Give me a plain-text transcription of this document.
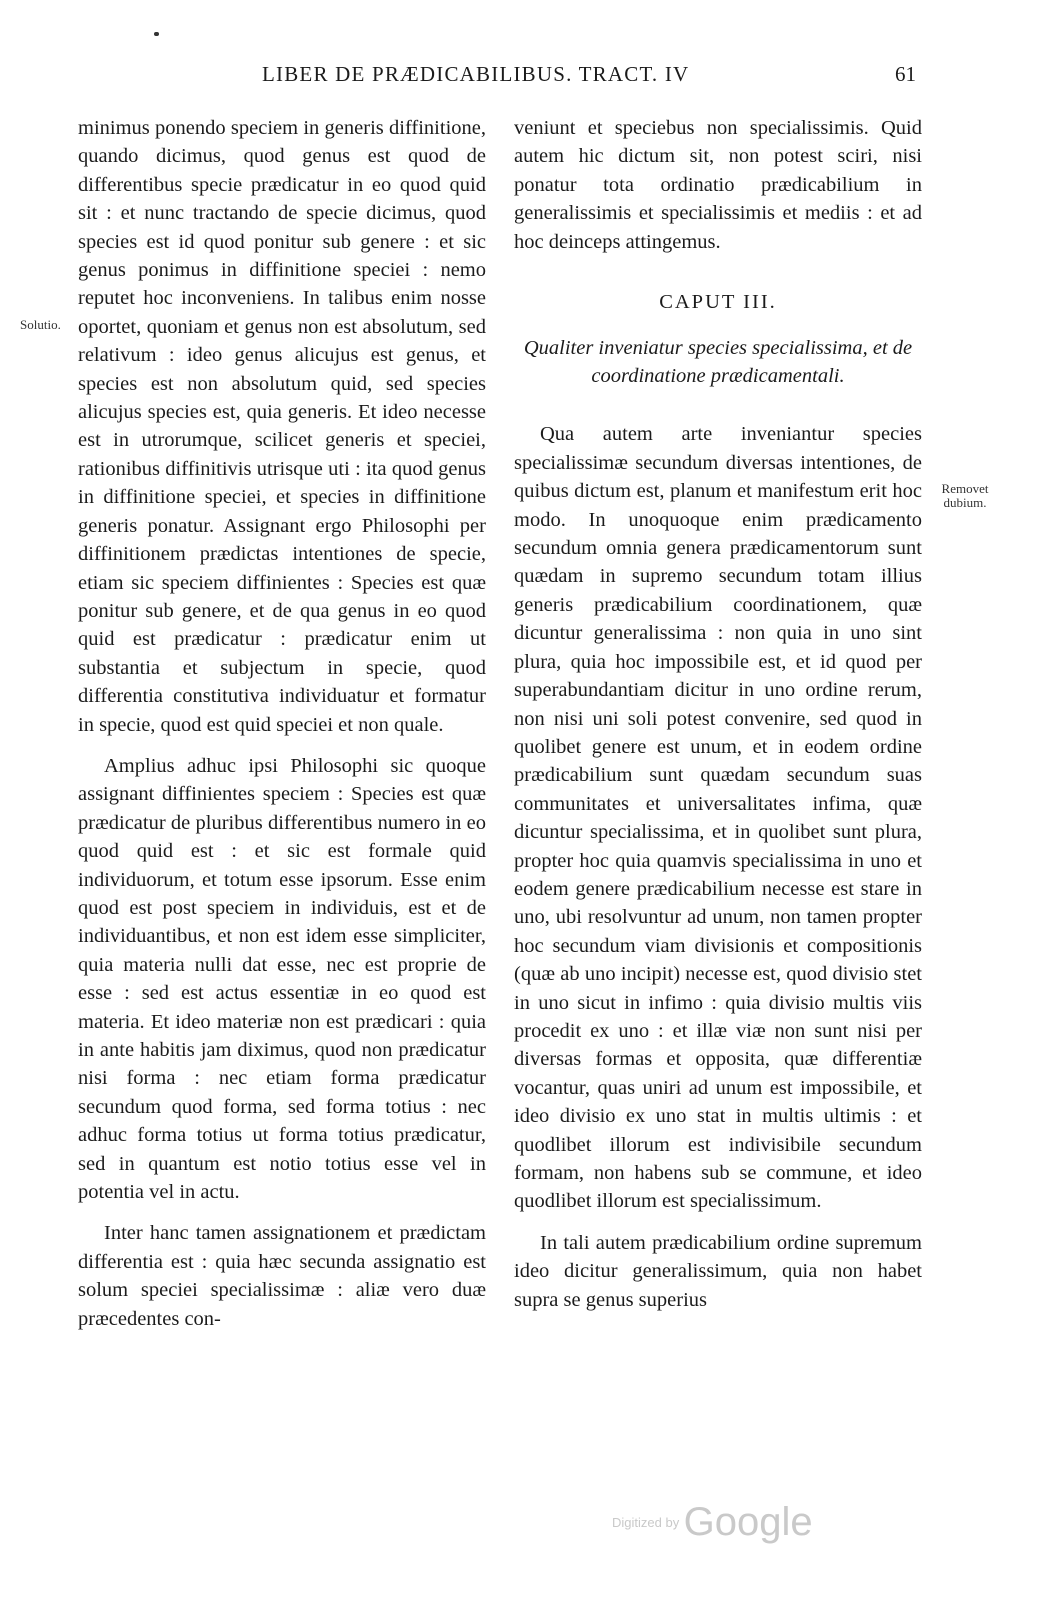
LIBER DE PRÆDICABILIBUS. TRACT. IV	61
Solutio.
Removet dubium.

minimus ponendo speciem in generis diffinitione, quando dicimus, quod genus est quod de differentibus specie prædicatur in eo quod quid sit : et nunc tractando de specie dicimus, quod species est id quod ponitur sub genere : et sic genus ponimus in diffinitione speciei : nemo reputet hoc inconveniens. In talibus enim nosse oportet, quoniam et genus non est absolutum, sed relativum : ideo genus alicujus est genus, et species est non absolutum quid, sed species alicujus species est, quia generis. Et ideo necesse est in utrorumque, scilicet generis et speciei, rationibus diffinitivis utrisque uti : ita quod genus in diffinitione speciei, et species in diffinitione generis ponatur. Assignant ergo Philosophi per diffinitionem prædictas intentiones de specie, etiam sic speciem diffinientes : Species est quæ ponitur sub genere, et de qua genus in eo quod quid est prædicatur : prædicatur enim ut substantia et subjectum in specie, quod differentia constitutiva individuatur et formatur in specie, quod est quid speciei et non quale.

Amplius adhuc ipsi Philosophi sic quoque assignant diffinientes speciem : Species est quæ prædicatur de pluribus differentibus numero in eo quod quid est : et sic est formale quid individuorum, et totum esse ipsorum. Esse enim quod est post speciem in individuis, est et de individuantibus, et non est idem esse simpliciter, quia materia nulli dat esse, nec est proprie de esse : sed est actus essentiæ in eo quod est materia. Et ideo materiæ non est prædicari : quia in ante habitis jam diximus, quod non prædicatur nisi forma : nec etiam forma prædicatur secundum quod forma, sed forma totius : nec adhuc forma totius ut forma totius prædicatur, sed in quantum est notio totius esse vel in potentia vel in actu.

Inter hanc tamen assignationem et prædictam differentia est : quia hæc secunda assignatio est solum speciei specialissimæ : aliæ vero duæ præcedentes con-

veniunt et speciebus non specialissimis. Quid autem hic dictum sit, non potest sciri, nisi ponatur tota ordinatio prædicabilium in generalissimis et specialissimis et mediis : et ad hoc deinceps attingemus.

CAPUT III.
Qualiter inveniatur species specialissima, et de coordinatione prædicamentali.

Qua autem arte inveniantur species specialissimæ secundum diversas intentiones, de quibus dictum est, planum et manifestum erit hoc modo. In unoquoque enim prædicamento secundum omnia genera prædicamentorum sunt quædam in supremo secundum totam illius generis prædicabilium coordinationem, quæ dicuntur generalissima : non quia in uno sint plura, quia hoc impossibile est, et id quod per superabundantiam dicitur in uno ordine rerum, non nisi uni soli potest convenire, sed quod in quolibet genere est unum, et in eodem ordine prædicabilium sunt quædam secundum suas communitates et universalitates infima, quæ dicuntur specialissima, et in quolibet sunt plura, propter hoc quia quamvis specialissima in uno et eodem genere prædicabilium necesse est stare in uno, ubi resolvuntur ad unum, non tamen propter hoc secundum viam divisionis et compositionis (quæ ab uno incipit) necesse est, quod divisio stet in uno sicut in infimo : quia divisio multis viis procedit ex uno : et illæ viæ non sunt nisi per diversas formas et opposita, quæ differentiæ vocantur, quas uniri ad unum est impossibile, et ideo divisio ex uno stat in multis ultimis : et quodlibet illorum est indivisibile secundum formam, non habens sub se commune, et ideo quodlibet illorum est specialissimum.

In tali autem prædicabilium ordine supremum ideo dicitur generalissimum, quia non habet supra se genus superius

$^{Digitized by}$ Google
